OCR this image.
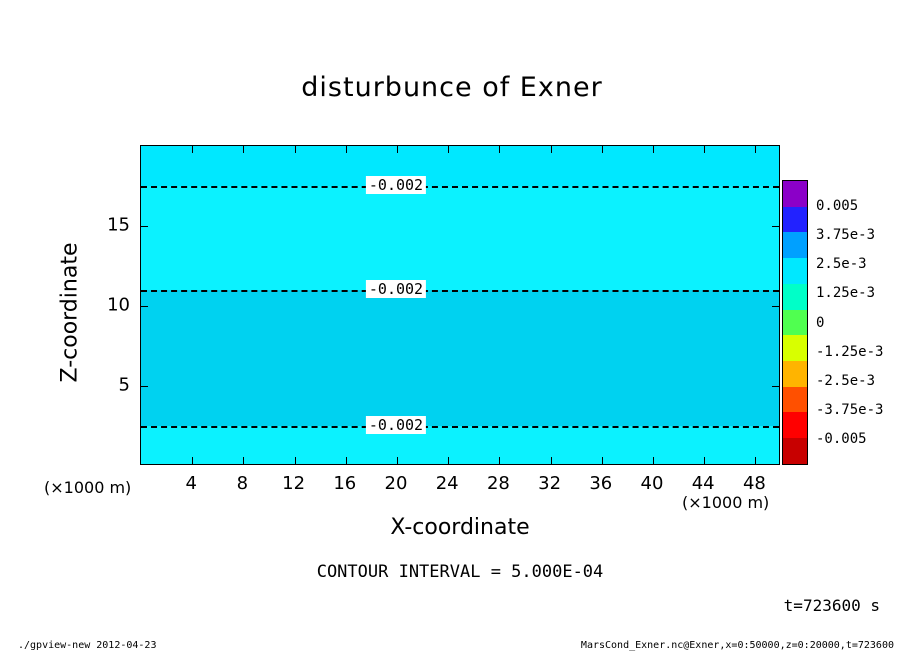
disturbunce of Exner
4 8 12 16 20 24 28 32 36 40 44 48
5
10
15
-0.002
-0.002
-0.002
Z-coordinate
X-coordinate
(×1000 m)
(×1000 m)
CONTOUR INTERVAL = 5.000E-04
t=723600 s
./gpview-new 2012-04-23	MarsCond_Exner.nc@Exner,x=0:50000,z=0:20000,t=723600
0.005
3.75e-3
2.5e-3
1.25e-3
0
-1.25e-3
-2.5e-3
-3.75e-3
-0.005
